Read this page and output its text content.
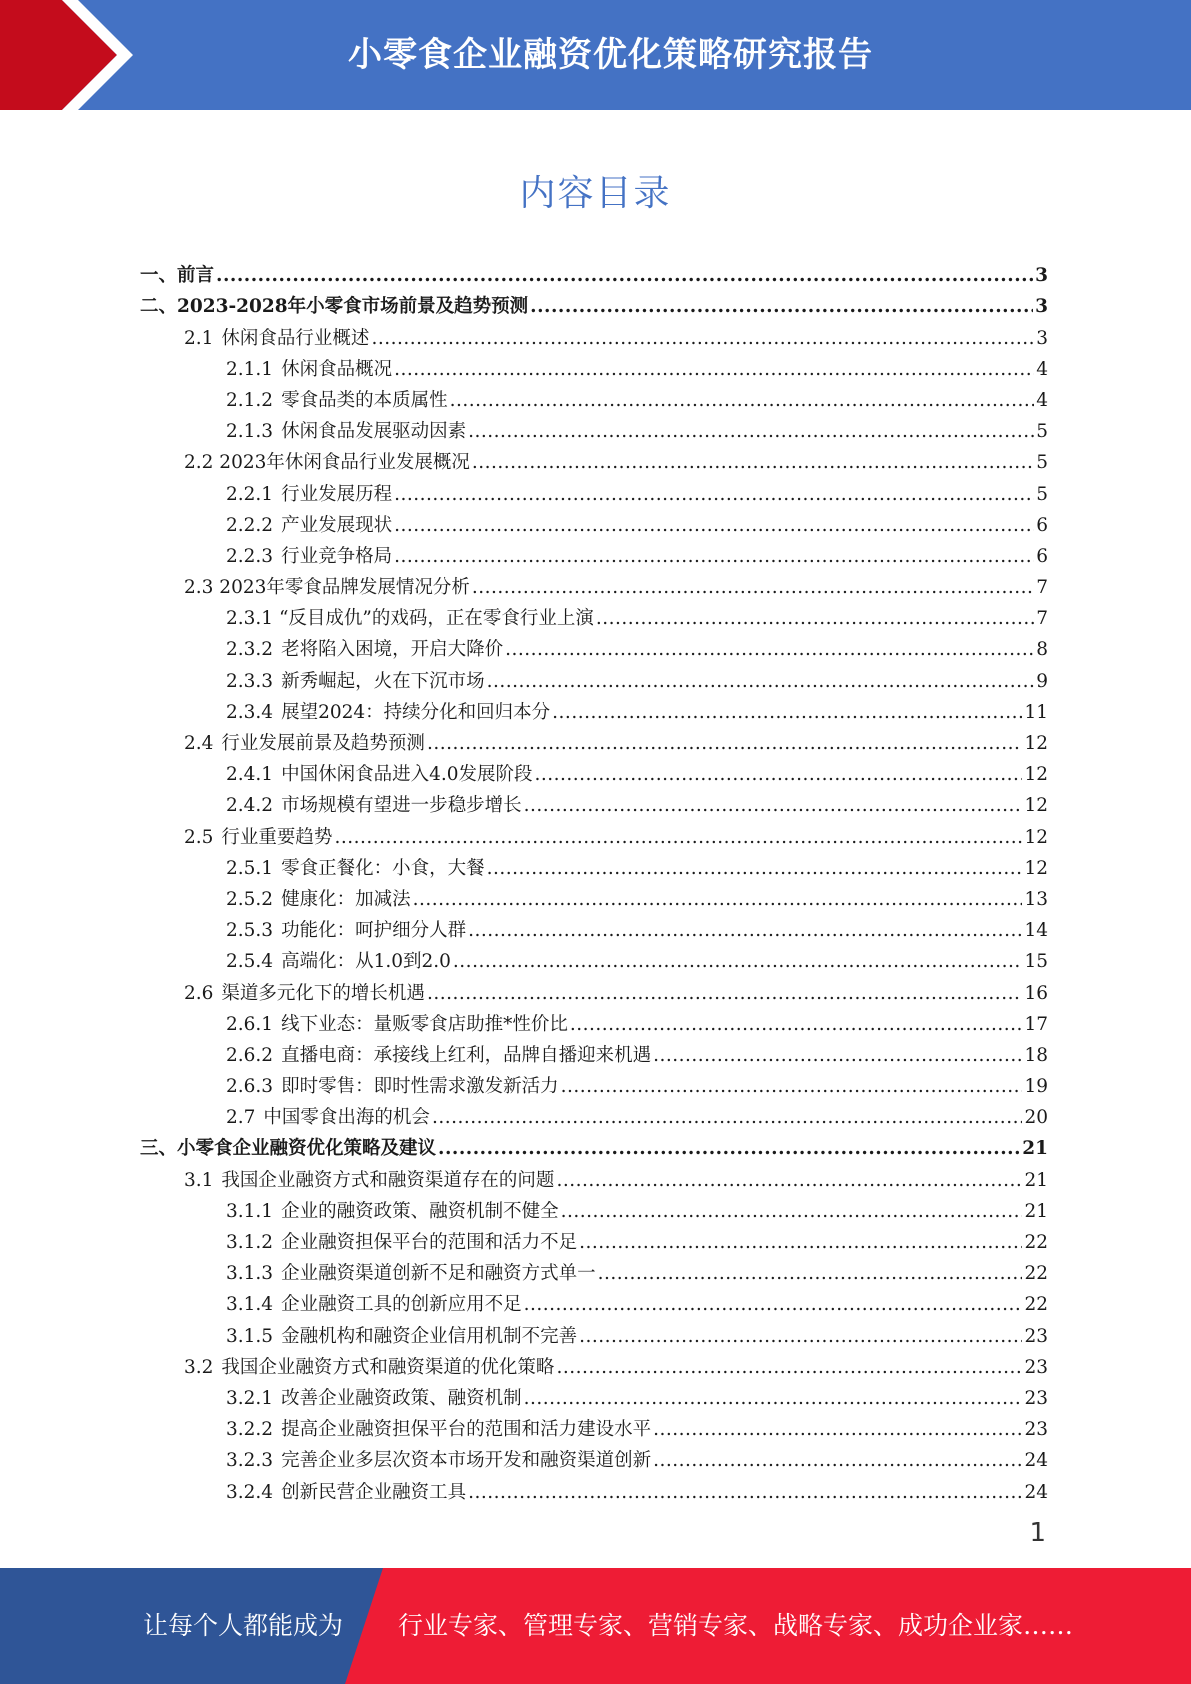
小零食企业融资优化策略研究报告
内容目录
一、前言 .....	3
二、2023-2028年小零食市场前景及趋势预测 .....	3
2.1 休闲食品行业概述 .....	3
2.1.1 休闲食品概况 .....	4
2.1.2 零食品类的本质属性 .....	4
2.1.3 休闲食品发展驱动因素 .....	5
2.2 2023年休闲食品行业发展概况 .....	5
2.2.1 行业发展历程 .....	5
2.2.2 产业发展现状 .....	6
2.2.3 行业竞争格局 .....	6
2.3 2023年零食品牌发展情况分析 .....	7
2.3.1 “反目成仇”的戏码，正在零食行业上演 .....	7
2.3.2 老将陷入困境，开启大降价 .....	8
2.3.3 新秀崛起，火在下沉市场 .....	9
2.3.4 展望2024：持续分化和回归本分 .....	11
2.4 行业发展前景及趋势预测 .....	12
2.4.1 中国休闲食品进入4.0发展阶段 .....	12
2.4.2 市场规模有望进一步稳步增长 .....	12
2.5 行业重要趋势 .....	12
2.5.1 零食正餐化：小食，大餐 .....	12
2.5.2 健康化：加减法 .....	13
2.5.3 功能化：呵护细分人群 .....	14
2.5.4 高端化：从1.0到2.0 .....	15
2.6 渠道多元化下的增长机遇 .....	16
2.6.1 线下业态：量贩零食店助推*性价比 .....	17
2.6.2 直播电商：承接线上红利，品牌自播迎来机遇 .....	18
2.6.3 即时零售：即时性需求激发新活力 .....	19
2.7 中国零食出海的机会 .....	20
三、小零食企业融资优化策略及建议 .....	21
3.1 我国企业融资方式和融资渠道存在的问题 .....	21
3.1.1 企业的融资政策、融资机制不健全 .....	21
3.1.2 企业融资担保平台的范围和活力不足 .....	22
3.1.3 企业融资渠道创新不足和融资方式单一 .....	22
3.1.4 企业融资工具的创新应用不足 .....	22
3.1.5 金融机构和融资企业信用机制不完善 .....	23
3.2 我国企业融资方式和融资渠道的优化策略 .....	23
3.2.1 改善企业融资政策、融资机制 .....	23
3.2.2 提高企业融资担保平台的范围和活力建设水平 .....	23
3.2.3 完善企业多层次资本市场开发和融资渠道创新 .....	24
3.2.4 创新民营企业融资工具 .....	24
1
让每个人都能成为 行业专家、管理专家、营销专家、战略专家、成功企业家……
